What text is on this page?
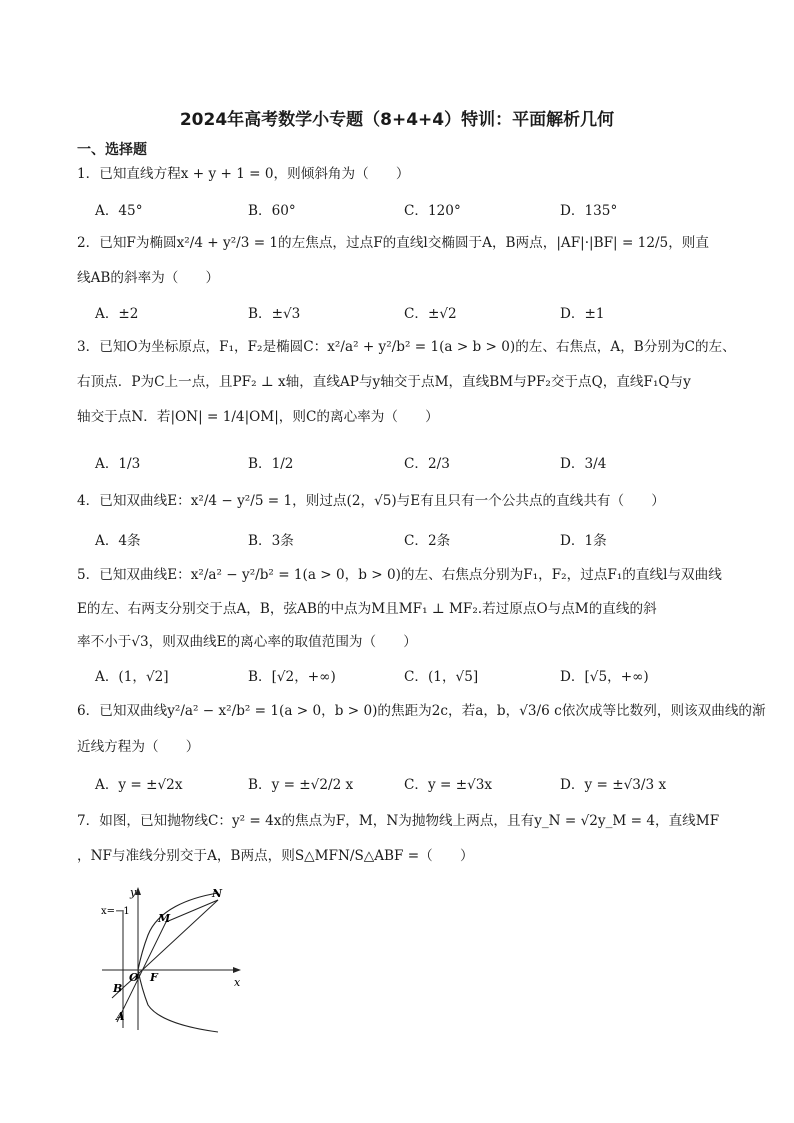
2024年高考数学小专题（8+4+4）特训：平面解析几何
一、选择题
1．已知直线方程x + y + 1 = 0，则倾斜角为（　　）
A．45°	B．60°	C．120°	D．135°
2．已知F为椭圆x²/4 + y²/3 = 1的左焦点，过点F的直线l交椭圆于A，B两点，|AF|·|BF| = 12/5，则直
线AB的斜率为（　　）
A．±2	B．±√3	C．±√2	D．±1
3．已知O为坐标原点，F₁，F₂是椭圆C：x²/a² + y²/b² = 1(a > b > 0)的左、右焦点，A，B分别为C的左、
右顶点．P为C上一点，且PF₂ ⊥ x轴，直线AP与y轴交于点M，直线BM与PF₂交于点Q，直线F₁Q与y
轴交于点N．若|ON| = 1/4|OM|，则C的离心率为（　　）
A．1/3	B．1/2	C．2/3	D．3/4
4．已知双曲线E：x²/4 − y²/5 = 1，则过点(2，√5)与E有且只有一个公共点的直线共有（　　）
A．4条	B．3条	C．2条	D．1条
5．已知双曲线E：x²/a² − y²/b² = 1(a > 0，b > 0)的左、右焦点分别为F₁，F₂，过点F₁的直线l与双曲线
E的左、右两支分别交于点A，B，弦AB的中点为M且MF₁ ⊥ MF₂.若过原点O与点M的直线的斜
率不小于√3，则双曲线E的离心率的取值范围为（　　）
A．(1，√2]	B．[√2，+∞)	C．(1，√5]	D．[√5，+∞)
6．已知双曲线y²/a² − x²/b² = 1(a > 0，b > 0)的焦距为2c，若a，b，√3/6 c依次成等比数列，则该双曲线的渐
近线方程为（　　）
A．y = ±√2x	B．y = ±√2/2 x	C．y = ±√3x	D．y = ±√3/3 x
7．如图，已知抛物线C：y² = 4x的焦点为F，M，N为抛物线上两点，且有y_N = √2y_M = 4，直线MF
，NF与准线分别交于A，B两点，则S△MFN/S△ABF =（　　）
y
x
x=−1
N
M
O F
B
A
